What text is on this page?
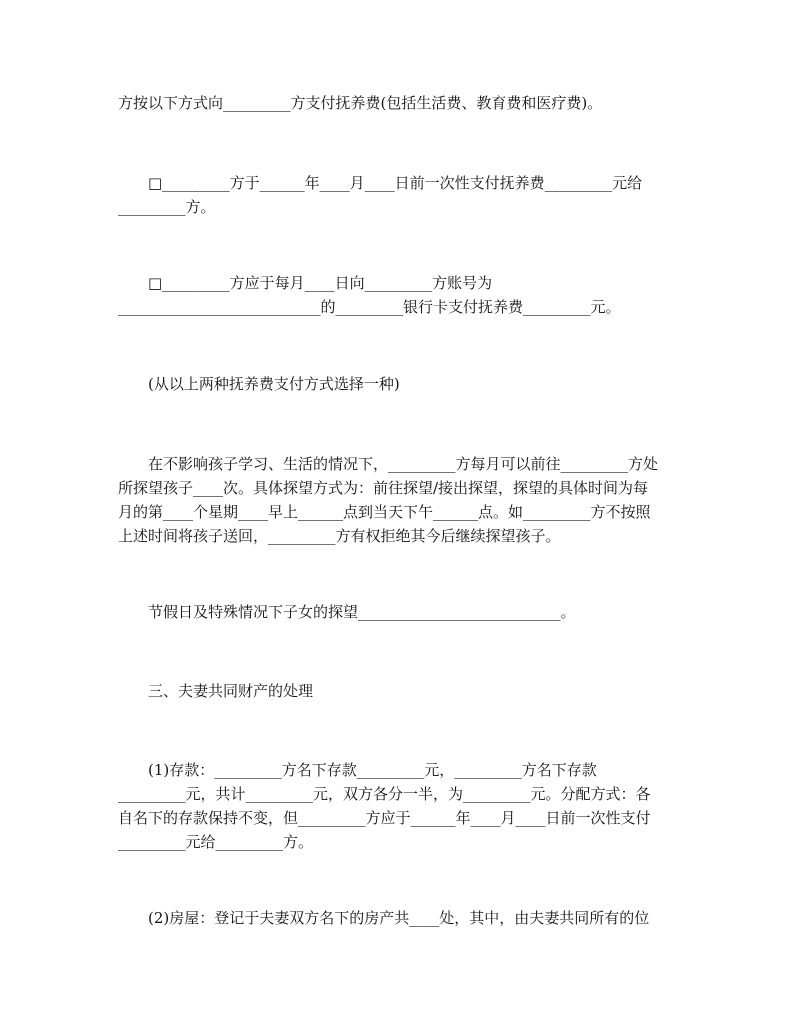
方按以下方式向_________方支付抚养费(包括生活费、教育费和医疗费)。
□_________方于______年____月____日前一次性支付抚养费_________元给
_________方。
□_________方应于每月____日向_________方账号为
___________________________的_________银行卡支付抚养费_________元。
(从以上两种抚养费支付方式选择一种)
在不影响孩子学习、生活的情况下，_________方每月可以前往_________方处
所探望孩子____次。具体探望方式为：前往探望/接出探望，探望的具体时间为每
月的第____个星期____早上______点到当天下午______点。如_________方不按照
上述时间将孩子送回，_________方有权拒绝其今后继续探望孩子。
节假日及特殊情况下子女的探望___________________________。
三、夫妻共同财产的处理
(1)存款：_________方名下存款_________元，_________方名下存款
_________元，共计_________元，双方各分一半，为_________元。分配方式：各
自名下的存款保持不变，但_________方应于______年____月____日前一次性支付
_________元给_________方。
(2)房屋：登记于夫妻双方名下的房产共____处，其中，由夫妻共同所有的位
